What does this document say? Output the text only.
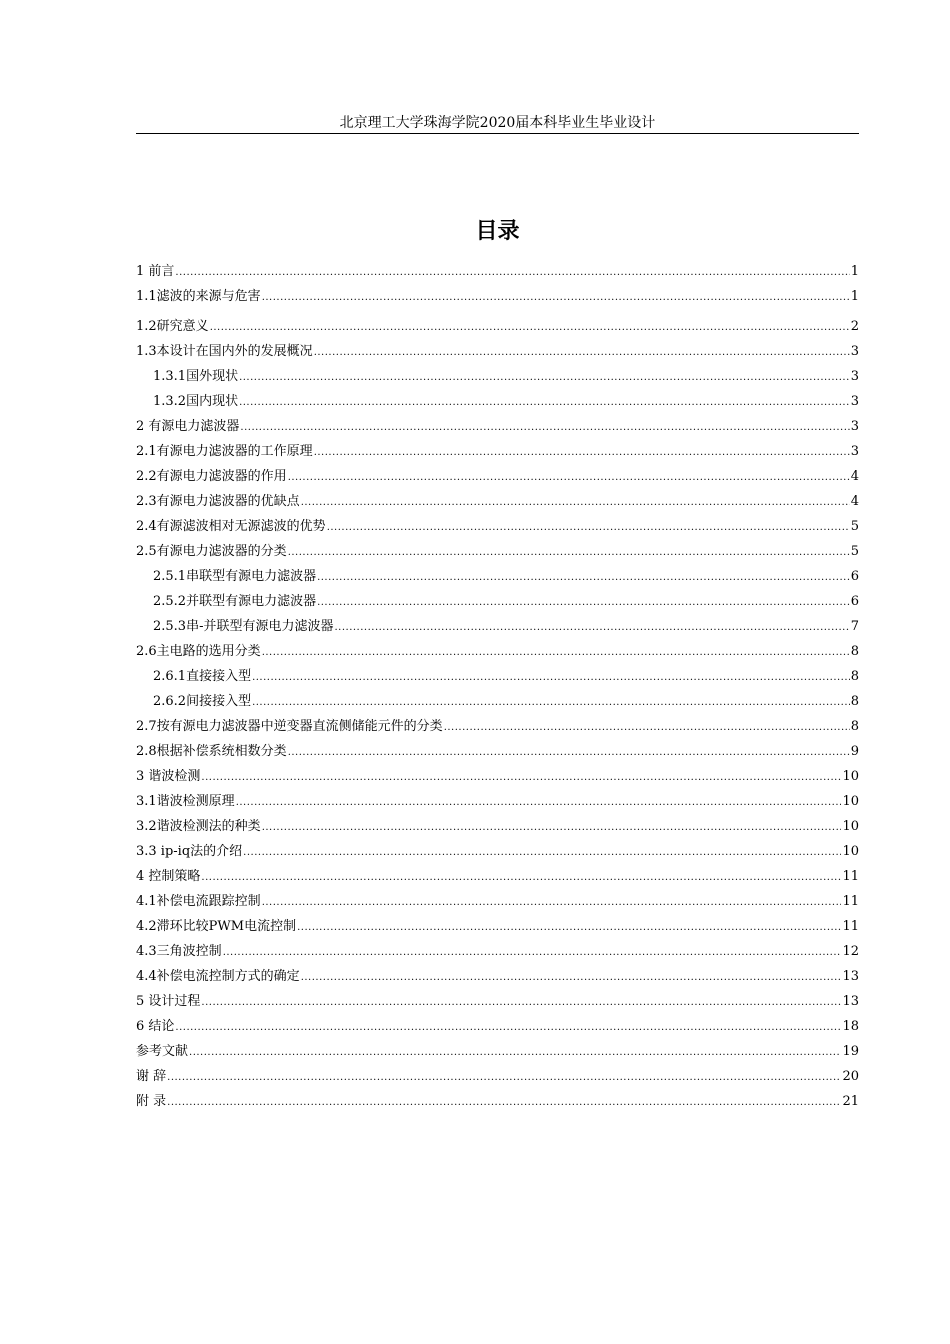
北京理工大学珠海学院2020届本科毕业生毕业设计
目录
1 前言 .....	1
1.1滤波的来源与危害 .....	1
1.2研究意义 .....	2
1.3本设计在国内外的发展概况 .....	3
1.3.1国外现状 .....	3
1.3.2国内现状 .....	3
2 有源电力滤波器 .....	3
2.1有源电力滤波器的工作原理 .....	3
2.2有源电力滤波器的作用 .....	4
2.3有源电力滤波器的优缺点 .....	4
2.4有源滤波相对无源滤波的优势 .....	5
2.5有源电力滤波器的分类 .....	5
2.5.1串联型有源电力滤波器 .....	6
2.5.2并联型有源电力滤波器 .....	6
2.5.3串-并联型有源电力滤波器 .....	7
2.6主电路的选用分类 .....	8
2.6.1直接接入型 .....	8
2.6.2间接接入型 .....	8
2.7按有源电力滤波器中逆变器直流侧储能元件的分类 .....	8
2.8根据补偿系统相数分类 .....	9
3 谐波检测 .....	10
3.1谐波检测原理 .....	10
3.2谐波检测法的种类 .....	10
3.3 ip-iq法的介绍 .....	10
4 控制策略 .....	11
4.1补偿电流跟踪控制 .....	11
4.2滞环比较PWM电流控制 .....	11
4.3三角波控制 .....	12
4.4补偿电流控制方式的确定 .....	13
5 设计过程 .....	13
6 结论 .....	18
参考文献 .....	19
谢 辞 .....	20
附 录 .....	21
